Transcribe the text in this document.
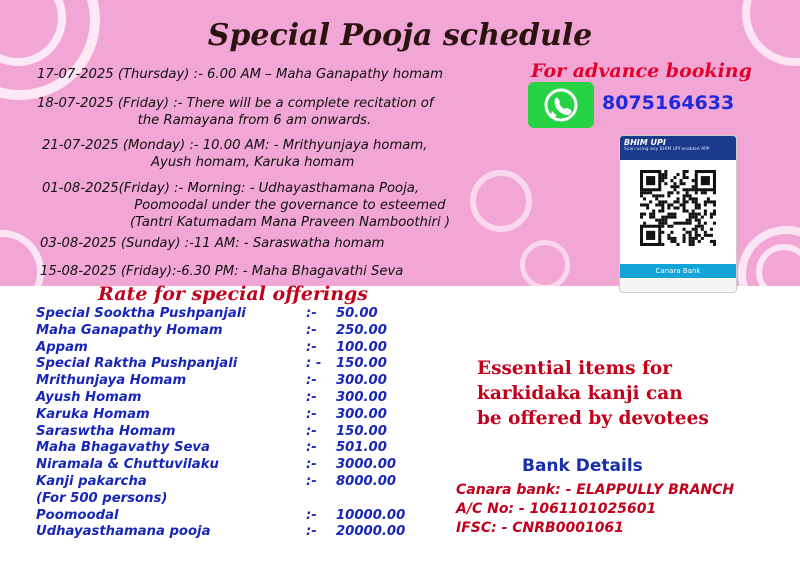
Special Pooja schedule
17-07-2025 (Thursday) :- 6.00 AM – Maha Ganapathy homam
18-07-2025 (Friday) :- There will be a complete recitation of
the Ramayana from 6 am onwards.
21-07-2025 (Monday) :- 10.00 AM: - Mrithyunjaya homam,
Ayush homam, Karuka homam
01-08-2025(Friday) :- Morning: - Udhayasthamana Pooja,
Poomoodal under the governance to esteemed
(Tantri Katumadam Mana Praveen Namboothiri )
03-08-2025 (Sunday) :-11 AM: - Saraswatha homam
15-08-2025 (Friday):-6.30 PM: - Maha Bhagavathi Seva
For advance booking
8075164633
BHIM UPI
Scan using any BHIM UPI enabled APP
Canara Bank
Rate for special offerings
Special Sooktha Pushpanjali	:- 50.00
Maha Ganapathy Homam	:- 250.00
Appam	:- 100.00
Special Raktha Pushpanjali	: - 150.00
Mrithunjaya Homam	:- 300.00
Ayush Homam	:- 300.00
Karuka Homam	:- 300.00
Saraswtha Homam	:- 150.00
Maha Bhagavathy Seva	:- 501.00
Niramala & Chuttuvilaku	:- 3000.00
Kanji pakarcha	:- 8000.00
(For 500 persons)
Poomoodal	:- 10000.00
Udhayasthamana pooja	:- 20000.00
Essential items for
karkidaka kanji can
be offered by devotees
Bank Details
Canara bank: - ELAPPULLY BRANCH
A/C No: - 1061101025601
IFSC: - CNRB0001061
